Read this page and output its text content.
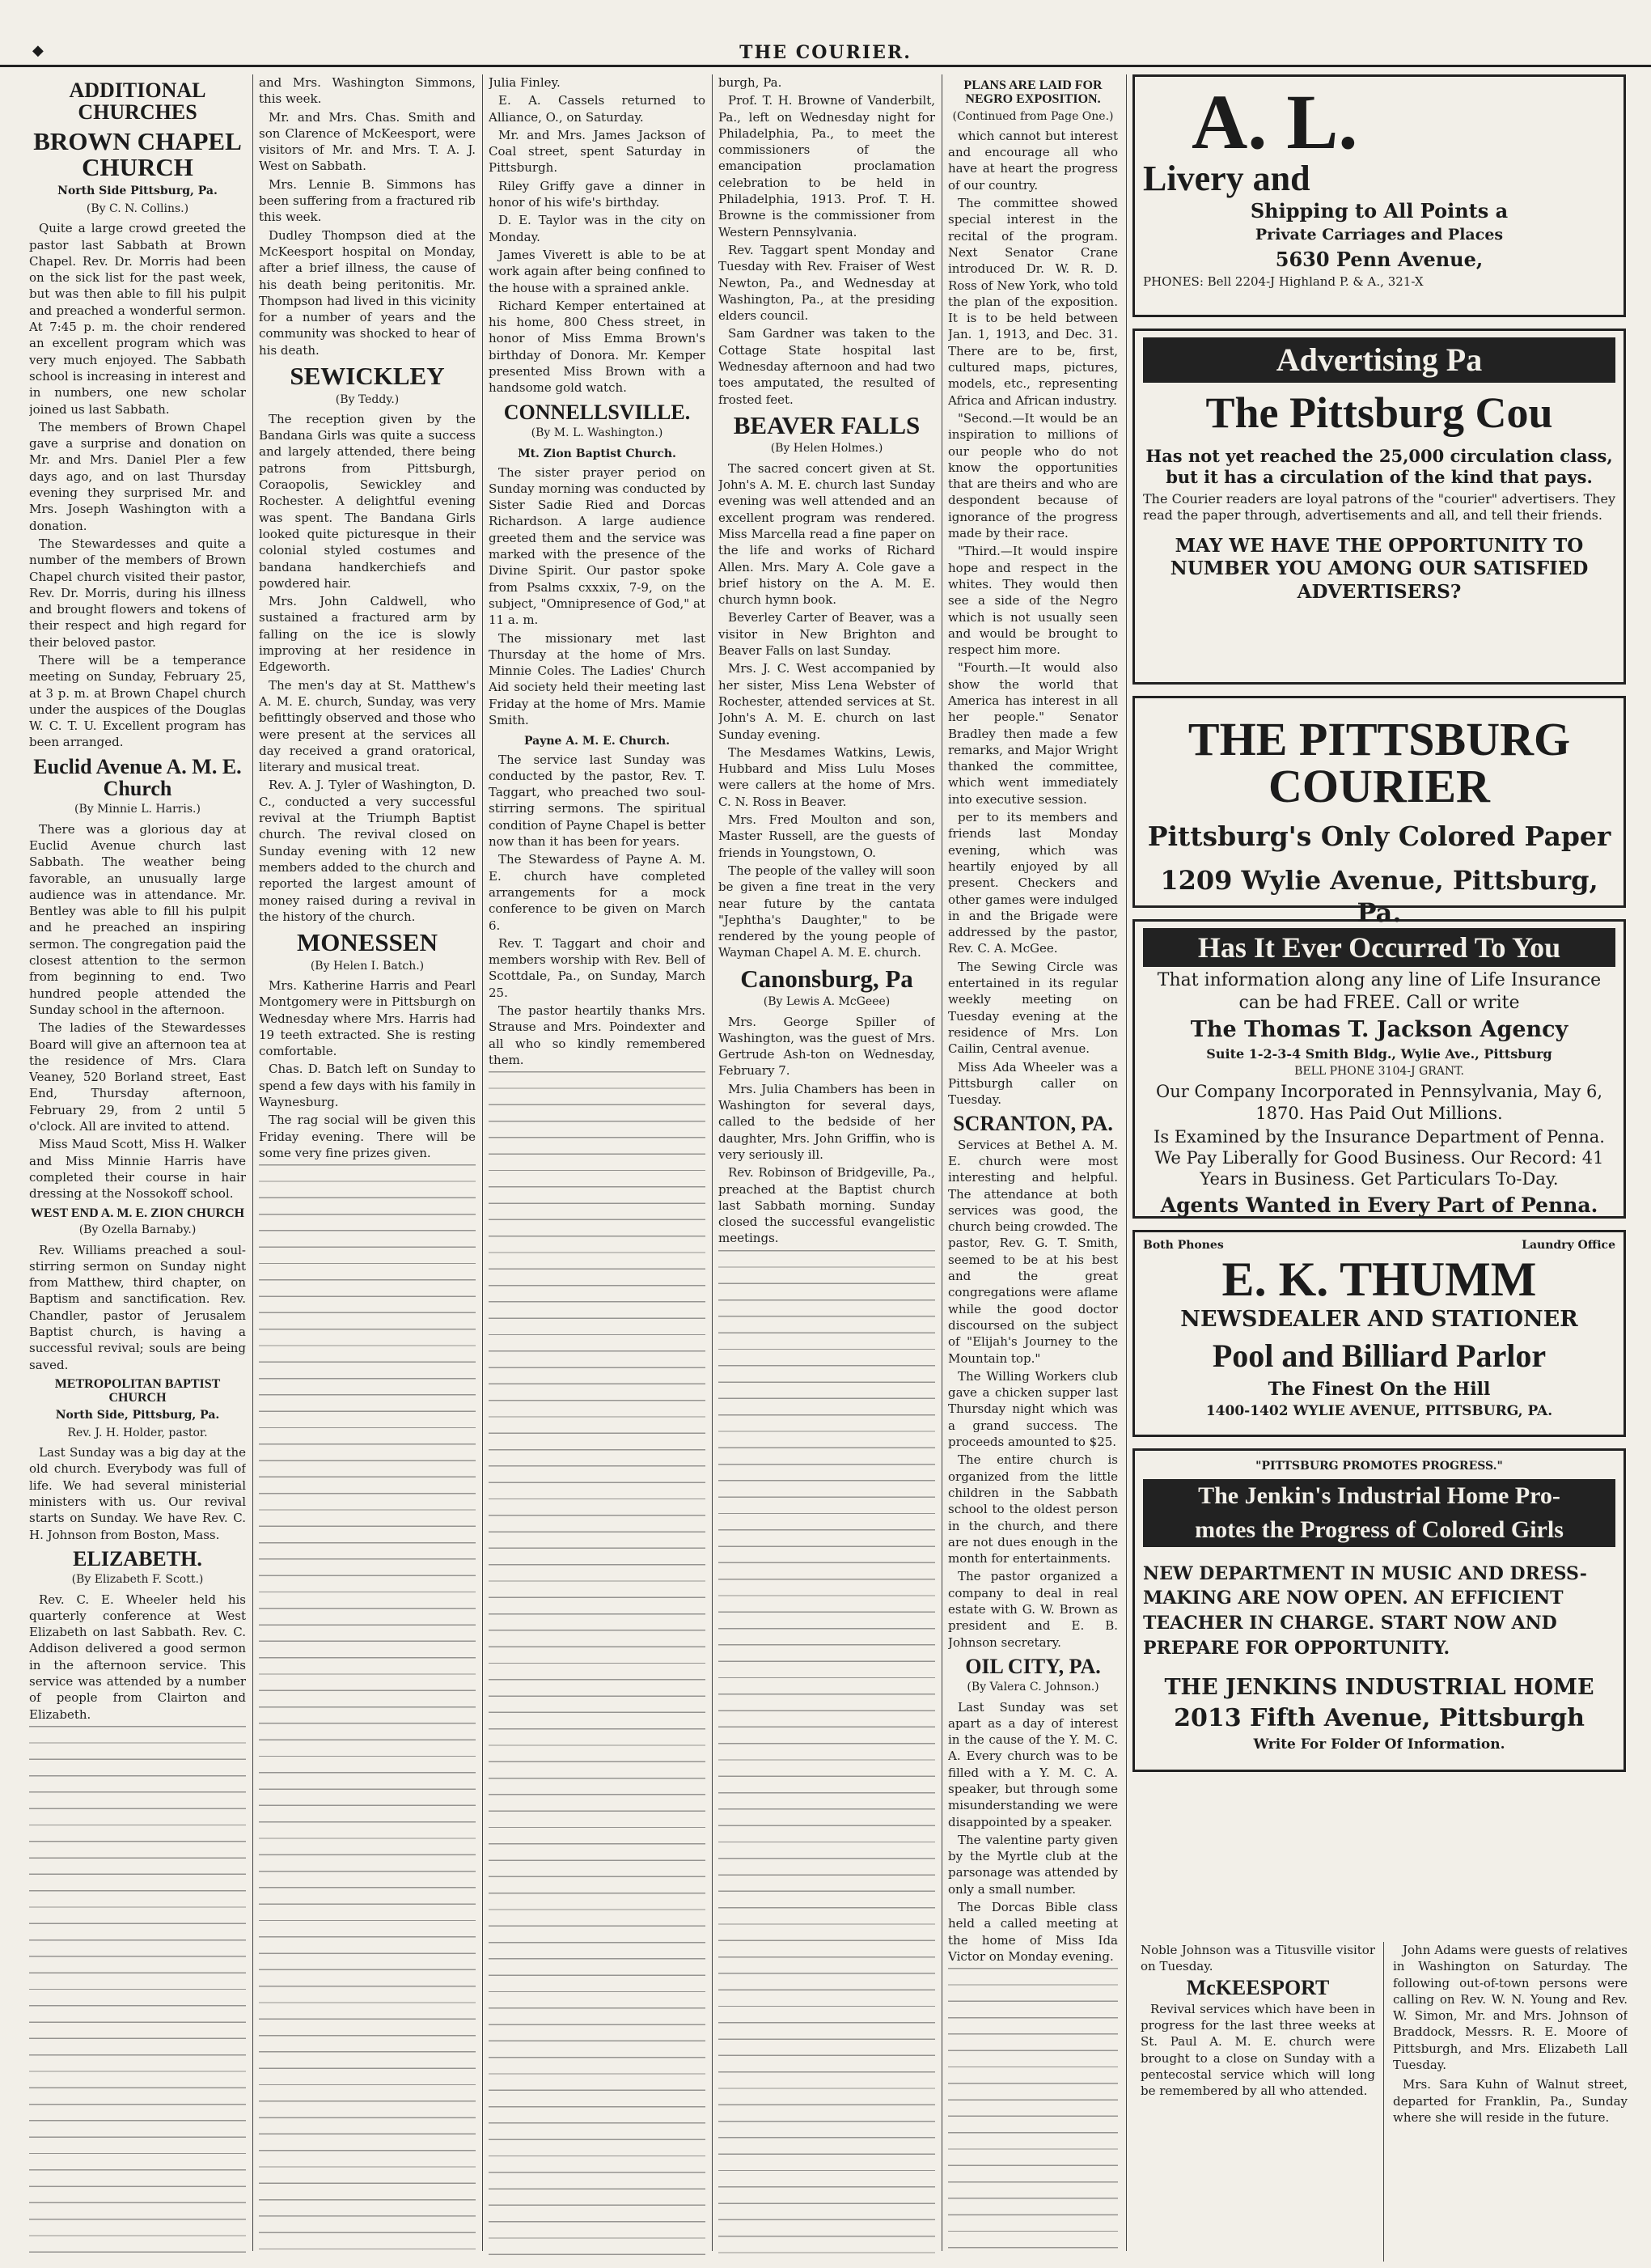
◆	THE COURIER.
ADDITIONAL CHURCHES
BROWN CHAPEL CHURCH
North Side Pittsburg, Pa.
(By C. N. Collins.)

Quite a large crowd greeted the pastor last Sabbath at Brown Chapel. Rev. Dr. Morris had been on the sick list for the past week, but was then able to fill his pulpit and preached a wonderful sermon. At 7:45 p. m. the choir rendered an excellent program which was very much enjoyed. The Sabbath school is increasing in interest and in numbers, one new scholar joined us last Sabbath.

The members of Brown Chapel gave a surprise and donation on Mr. and Mrs. Daniel Pler a few days ago, and on last Thursday evening they surprised Mr. and Mrs. Joseph Washington with a donation.

The Stewardesses and quite a number of the members of Brown Chapel church visited their pastor, Rev. Dr. Morris, during his illness and brought flowers and tokens of their respect and high regard for their beloved pastor.

There will be a temperance meeting on Sunday, February 25, at 3 p. m. at Brown Chapel church under the auspices of the Douglas W. C. T. U. Excellent program has been arranged.

Euclid Avenue A. M. E. Church
(By Minnie L. Harris.)

There was a glorious day at Euclid Avenue church last Sabbath. The weather being favorable, an unusually large audience was in attendance. Mr. Bentley was able to fill his pulpit and he preached an inspiring sermon. The congregation paid the closest attention to the sermon from beginning to end. Two hundred people attended the Sunday school in the afternoon.

The ladies of the Stewardesses Board will give an afternoon tea at the residence of Mrs. Clara Veaney, 520 Borland street, East End, Thursday afternoon, February 29, from 2 until 5 o'clock. All are invited to attend.

Miss Maud Scott, Miss H. Walker and Miss Minnie Harris have completed their course in hair dressing at the Nossokoff school.

WEST END A. M. E. ZION CHURCH
(By Ozella Barnaby.)

Rev. Williams preached a soul-stirring sermon on Sunday night from Matthew, third chapter, on Baptism and sanctification. Rev. Chandler, pastor of Jerusalem Baptist church, is having a successful revival; souls are being saved.

METROPOLITAN BAPTIST CHURCH
North Side, Pittsburg, Pa.
Rev. J. H. Holder, pastor.

Last Sunday was a big day at the old church. Everybody was full of life. We had several ministerial ministers with us. Our revival starts on Sunday. We have Rev. C. H. Johnson from Boston, Mass.

ELIZABETH.
(By Elizabeth F. Scott.)

Rev. C. E. Wheeler held his quarterly conference at West Elizabeth on last Sabbath. Rev. C. Addison delivered a good sermon in the afternoon service. This service was attended by a number of people from Clairton and Elizabeth.

and Mrs. Washington Simmons, this week.

Mr. and Mrs. Chas. Smith and son Clarence of McKeesport, were visitors of Mr. and Mrs. T. A. J. West on Sabbath.

Mrs. Lennie B. Simmons has been suffering from a fractured rib this week.

Dudley Thompson died at the McKeesport hospital on Monday, after a brief illness, the cause of his death being peritonitis. Mr. Thompson had lived in this vicinity for a number of years and the community was shocked to hear of his death.

SEWICKLEY
(By Teddy.)

The reception given by the Bandana Girls was quite a success and largely attended, there being patrons from Pittsburgh, Coraopolis, Sewickley and Rochester. A delightful evening was spent. The Bandana Girls looked quite picturesque in their colonial styled costumes and bandana handkerchiefs and powdered hair.

Mrs. John Caldwell, who sustained a fractured arm by falling on the ice is slowly improving at her residence in Edgeworth.

The men's day at St. Matthew's A. M. E. church, Sunday, was very befittingly observed and those who were present at the services all day received a grand oratorical, literary and musical treat.

Rev. A. J. Tyler of Washington, D. C., conducted a very successful revival at the Triumph Baptist church. The revival closed on Sunday evening with 12 new members added to the church and reported the largest amount of money raised during a revival in the history of the church.

MONESSEN
(By Helen I. Batch.)

Mrs. Katherine Harris and Pearl Montgomery were in Pittsburgh on Wednesday where Mrs. Harris had 19 teeth extracted. She is resting comfortable.

Chas. D. Batch left on Sunday to spend a few days with his family in Waynesburg.

The rag social will be given this Friday evening. There will be some very fine prizes given.

Julia Finley.

E. A. Cassels returned to Alliance, O., on Saturday.

Mr. and Mrs. James Jackson of Coal street, spent Saturday in Pittsburgh.

Riley Griffy gave a dinner in honor of his wife's birthday.

D. E. Taylor was in the city on Monday.

James Viverett is able to be at work again after being confined to the house with a sprained ankle.

Richard Kemper entertained at his home, 800 Chess street, in honor of Miss Emma Brown's birthday of Donora. Mr. Kemper presented Miss Brown with a handsome gold watch.

CONNELLSVILLE.
(By M. L. Washington.)
Mt. Zion Baptist Church.

The sister prayer period on Sunday morning was conducted by Sister Sadie Ried and Dorcas Richardson. A large audience greeted them and the service was marked with the presence of the Divine Spirit. Our pastor spoke from Psalms cxxxix, 7-9, on the subject, "Omnipresence of God," at 11 a. m.

The missionary met last Thursday at the home of Mrs. Minnie Coles. The Ladies' Church Aid society held their meeting last Friday at the home of Mrs. Mamie Smith.

Payne A. M. E. Church.

The service last Sunday was conducted by the pastor, Rev. T. Taggart, who preached two soul-stirring sermons. The spiritual condition of Payne Chapel is better now than it has been for years.

The Stewardess of Payne A. M. E. church have completed arrangements for a mock conference to be given on March 6.

Rev. T. Taggart and choir and members worship with Rev. Bell of Scottdale, Pa., on Sunday, March 25.

The pastor heartily thanks Mrs. Strause and Mrs. Poindexter and all who so kindly remembered them.

burgh, Pa.

Prof. T. H. Browne of Vanderbilt, Pa., left on Wednesday night for Philadelphia, Pa., to meet the commissioners of the emancipation proclamation celebration to be held in Philadelphia, 1913. Prof. T. H. Browne is the commissioner from Western Pennsylvania.

Rev. Taggart spent Monday and Tuesday with Rev. Fraiser of West Newton, Pa., and Wednesday at Washington, Pa., at the presiding elders council.

Sam Gardner was taken to the Cottage State hospital last Wednesday afternoon and had two toes amputated, the resulted of frosted feet.

BEAVER FALLS
(By Helen Holmes.)

The sacred concert given at St. John's A. M. E. church last Sunday evening was well attended and an excellent program was rendered. Miss Marcella read a fine paper on the life and works of Richard Allen. Mrs. Mary A. Cole gave a brief history on the A. M. E. church hymn book.

Beverley Carter of Beaver, was a visitor in New Brighton and Beaver Falls on last Sunday.

Mrs. J. C. West accompanied by her sister, Miss Lena Webster of Rochester, attended services at St. John's A. M. E. church on last Sunday evening.

The Mesdames Watkins, Lewis, Hubbard and Miss Lulu Moses were callers at the home of Mrs. C. N. Ross in Beaver.

Mrs. Fred Moulton and son, Master Russell, are the guests of friends in Youngstown, O.

The people of the valley will soon be given a fine treat in the very near future by the cantata "Jephtha's Daughter," to be rendered by the young people of Wayman Chapel A. M. E. church.

Canonsburg, Pa
(By Lewis A. McGeee)

Mrs. George Spiller of Washington, was the guest of Mrs. Gertrude Ash-ton on Wednesday, February 7.

Mrs. Julia Chambers has been in Washington for several days, called to the bedside of her daughter, Mrs. John Griffin, who is very seriously ill.

Rev. Robinson of Bridgeville, Pa., preached at the Baptist church last Sabbath morning. Sunday closed the successful evangelistic meetings.

PLANS ARE LAID FOR NEGRO EXPOSITION.
(Continued from Page One.)

which cannot but interest and encourage all who have at heart the progress of our country.

The committee showed special interest in the recital of the program. Next Senator Crane introduced Dr. W. R. D. Ross of New York, who told the plan of the exposition. It is to be held between Jan. 1, 1913, and Dec. 31. There are to be, first, cultured maps, pictures, models, etc., representing Africa and African industry.

"Second.—It would be an inspiration to millions of our people who do not know the opportunities that are theirs and who are despondent because of ignorance of the progress made by their race.

"Third.—It would inspire hope and respect in the whites. They would then see a side of the Negro which is not usually seen and would be brought to respect him more.

"Fourth.—It would also show the world that America has interest in all her people." Senator Bradley then made a few remarks, and Major Wright thanked the committee, which went immediately into executive session.

per to its members and friends last Monday evening, which was heartily enjoyed by all present. Checkers and other games were indulged in and the Brigade were addressed by the pastor, Rev. C. A. McGee.

The Sewing Circle was entertained in its regular weekly meeting on Tuesday evening at the residence of Mrs. Lon Cailin, Central avenue.

Miss Ada Wheeler was a Pittsburgh caller on Tuesday.

SCRANTON, PA.

Services at Bethel A. M. E. church were most interesting and helpful. The attendance at both services was good, the church being crowded. The pastor, Rev. G. T. Smith, seemed to be at his best and the great congregations were aflame while the good doctor discoursed on the subject of "Elijah's Journey to the Mountain top."

The Willing Workers club gave a chicken supper last Thursday night which was a grand success. The proceeds amounted to $25.

The entire church is organized from the little children in the Sabbath school to the oldest person in the church, and there are not dues enough in the month for entertainments.

The pastor organized a company to deal in real estate with G. W. Brown as president and E. B. Johnson secretary.

OIL CITY, PA.
(By Valera C. Johnson.)

Last Sunday was set apart as a day of interest in the cause of the Y. M. C. A. Every church was to be filled with a Y. M. C. A. speaker, but through some misunderstanding we were disappointed by a speaker.

The valentine party given by the Myrtle club at the parsonage was attended by only a small number.

The Dorcas Bible class held a called meeting at the home of Miss Ida Victor on Monday evening.

A. L.
Livery and

Shipping to All Points a

Private Carriages and Places

5630 Penn Avenue,

PHONES: Bell 2204-J Highland P. & A., 321-X

Advertising Pa
The Pittsburg Cou

Has not yet reached the 25,000 circulation class, but it has a circulation of the kind that pays.

The Courier readers are loyal patrons of the "courier" advertisers. They read the paper through, advertisements and all, and tell their friends.

MAY WE HAVE THE OPPORTUNITY TO NUMBER YOU AMONG OUR SATISFIED ADVERTISERS?

THE PITTSBURG COURIER

Pittsburg's Only Colored Paper

1209 Wylie Avenue, Pittsburg, Pa.

Has It Ever Occurred To You

That information along any line of Life Insurance can be had FREE. Call or write

The Thomas T. Jackson Agency

Suite 1-2-3-4 Smith Bldg., Wylie Ave., Pittsburg

BELL PHONE 3104-J GRANT.

Our Company Incorporated in Pennsylvania, May 6, 1870. Has Paid Out Millions.

Is Examined by the Insurance Department of Penna. We Pay Liberally for Good Business. Our Record: 41 Years in Business. Get Particulars To-Day.

Agents Wanted in Every Part of Penna.

Both Phones	Laundry Office
E. K. THUMM

NEWSDEALER AND STATIONER

Pool and Billiard Parlor

The Finest On the Hill

1400-1402 WYLIE AVENUE, PITTSBURG, PA.

"PITTSBURG PROMOTES PROGRESS."

The Jenkin's Industrial Home Pro-
motes the Progress of Colored Girls

NEW DEPARTMENT IN MUSIC AND DRESS-MAKING ARE NOW OPEN. AN EFFICIENT TEACHER IN CHARGE. START NOW AND PREPARE FOR OPPORTUNITY.

THE JENKINS INDUSTRIAL HOME

2013 Fifth Avenue, Pittsburgh

Write For Folder Of Information.

Noble Johnson was a Titusville visitor on Tuesday.

McKEESPORT

Revival services which have been in progress for the last three weeks at St. Paul A. M. E. church were brought to a close on Sunday with a pentecostal service which will long be remembered by all who attended.

John Adams were guests of relatives in Washington on Saturday. The following out-of-town persons were calling on Rev. W. N. Young and Rev. W. Simon, Mr. and Mrs. Johnson of Braddock, Messrs. R. E. Moore of Pittsburgh, and Mrs. Elizabeth Lall Tuesday.

Mrs. Sara Kuhn of Walnut street, departed for Franklin, Pa., Sunday where she will reside in the future.
